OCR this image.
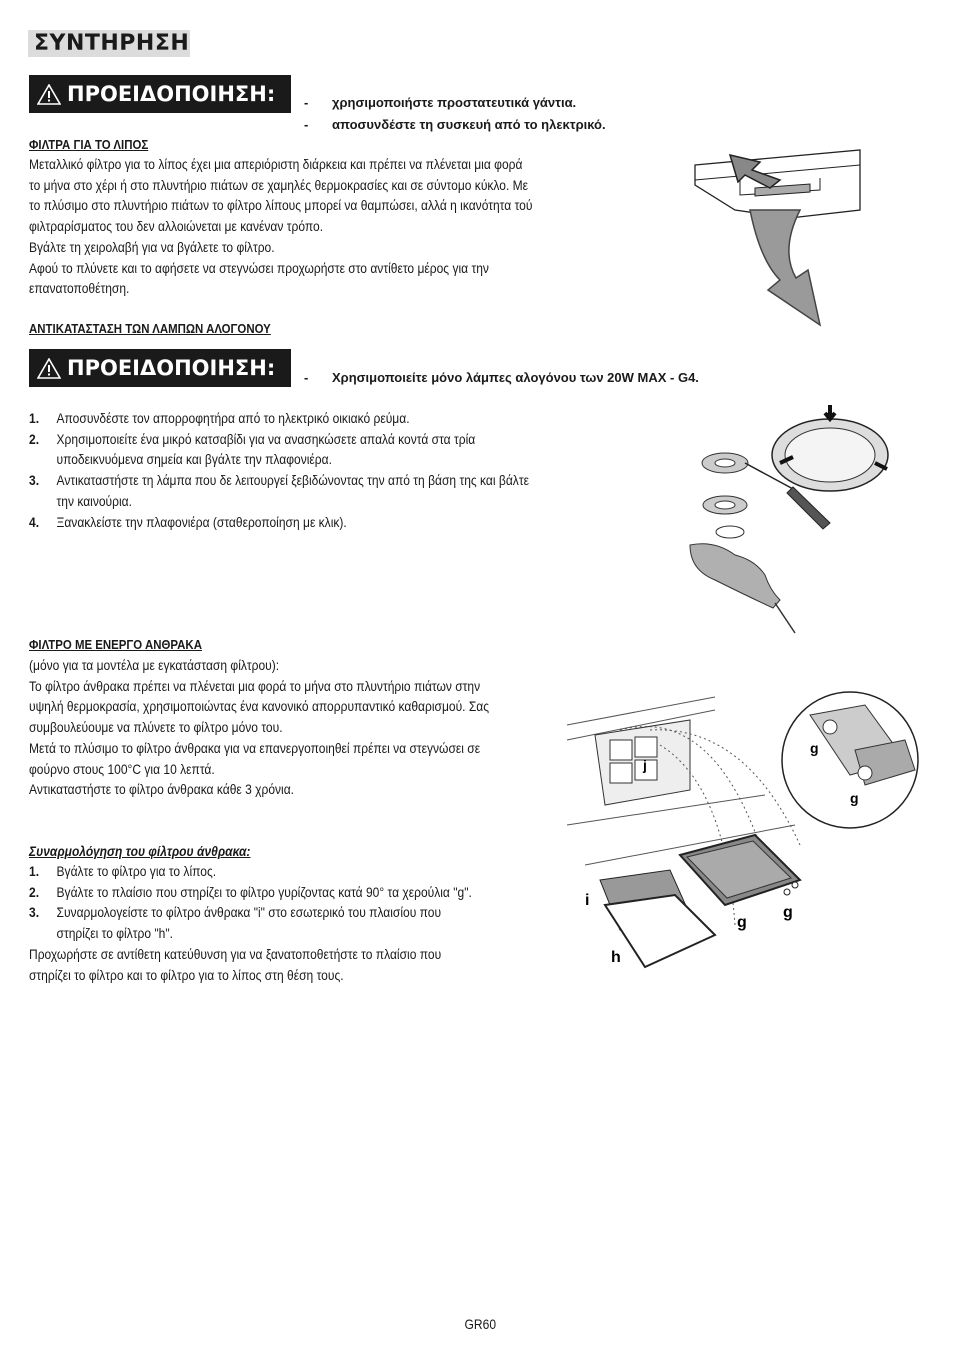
ΣΥΝΤΗΡΗΣΗ
ΠΡΟΕΙΔΟΠΟΙΗΣΗ: - χρησιμοποιήστε προστατευτικά γάντια.
- αποσυνδέστε τη συσκευή από το ηλεκτρικό.
ΦΙΛΤΡΑ ΓΙΑ ΤΟ ΛΙΠΟΣ

Μεταλλικό φίλτρο για το λίπος έχει μια απεριόριστη διάρκεια και πρέπει να πλένεται μια φορά

το μήνα στο χέρι ή στο πλυντήριο πιάτων σε χαμηλές θερμοκρασίες και σε σύντομο κύκλο. Με

το πλύσιμο στο πλυντήριο πιάτων το φίλτρο λίπους μπορεί να θαμπώσει, αλλά η ικανότητα τού

φιλτραρίσματος του δεν αλλοιώνεται με κανέναν τρόπο.

Βγάλτε τη χειρολαβή για να βγάλετε το φίλτρο.

Αφού το πλύνετε και το αφήσετε να στεγνώσει προχωρήστε στο αντίθετο μέρος για την

επανατοποθέτηση.

ΑΝΤΙΚΑΤΑΣΤΑΣΗ ΤΩΝ ΛΑΜΠΩΝ ΑΛΟΓΟΝΟΥ
ΠΡΟΕΙΔΟΠΟΙΗΣΗ: - Χρησιμοποιείτε μόνο λάμπες αλογόνου των 20W MAX - G4.
1. Αποσυνδέστε τον απορροφητήρα από το ηλεκτρικό οικιακό ρεύμα.
2. Χρησιμοποιείτε ένα μικρό κατσαβίδι για να ανασηκώσετε απαλά κοντά στα τρία
υποδεικνυόμενα σημεία και βγάλτε την πλαφονιέρα.
3. Αντικαταστήστε τη λάμπα που δε λειτουργεί ξεβιδώνοντας την από τη βάση της και βάλτε
την καινούρια.
4. Ξανακλείστε την πλαφονιέρα (σταθεροποίηση με κλικ).
ΦΙΛΤΡΟ ΜΕ ΕΝΕΡΓΟ ΑΝΘΡΑΚΑ

(μόνο για τα μοντέλα με εγκατάσταση φίλτρου):

Το φίλτρο άνθρακα πρέπει να πλένεται μια φορά το μήνα στο πλυντήριο πιάτων στην

υψηλή θερμοκρασία, χρησιμοποιώντας ένα κανονικό απορρυπαντικό καθαρισμού. Σας

συμβουλεύουμε να πλύνετε το φίλτρο μόνο του.

Μετά το πλύσιμο το φίλτρο άνθρακα για να επανεργοποιηθεί πρέπει να στεγνώσει σε

φούρνο στους 100°C για 10 λεπτά.

Αντικαταστήστε το φίλτρο άνθρακα κάθε 3 χρόνια.

Συναρμολόγηση του φίλτρου άνθρακα:
1. Βγάλτε το φίλτρο για το λίπος.
2. Βγάλτε το πλαίσιο που στηρίζει το φίλτρο γυρίζοντας κατά 90° τα χερούλια "g".
3. Συναρμολογείστε το φίλτρο άνθρακα "i" στο εσωτερικό του πλαισίου που
στηρίζει το φίλτρο "h".

Προχωρήστε σε αντίθετη κατεύθυνση για να ξανατοποθετήστε το πλαίσιο που

στηρίζει το φίλτρο και το φίλτρο για το λίπος στη θέση τους.

j
g
g
i
h
g
g
GR60
